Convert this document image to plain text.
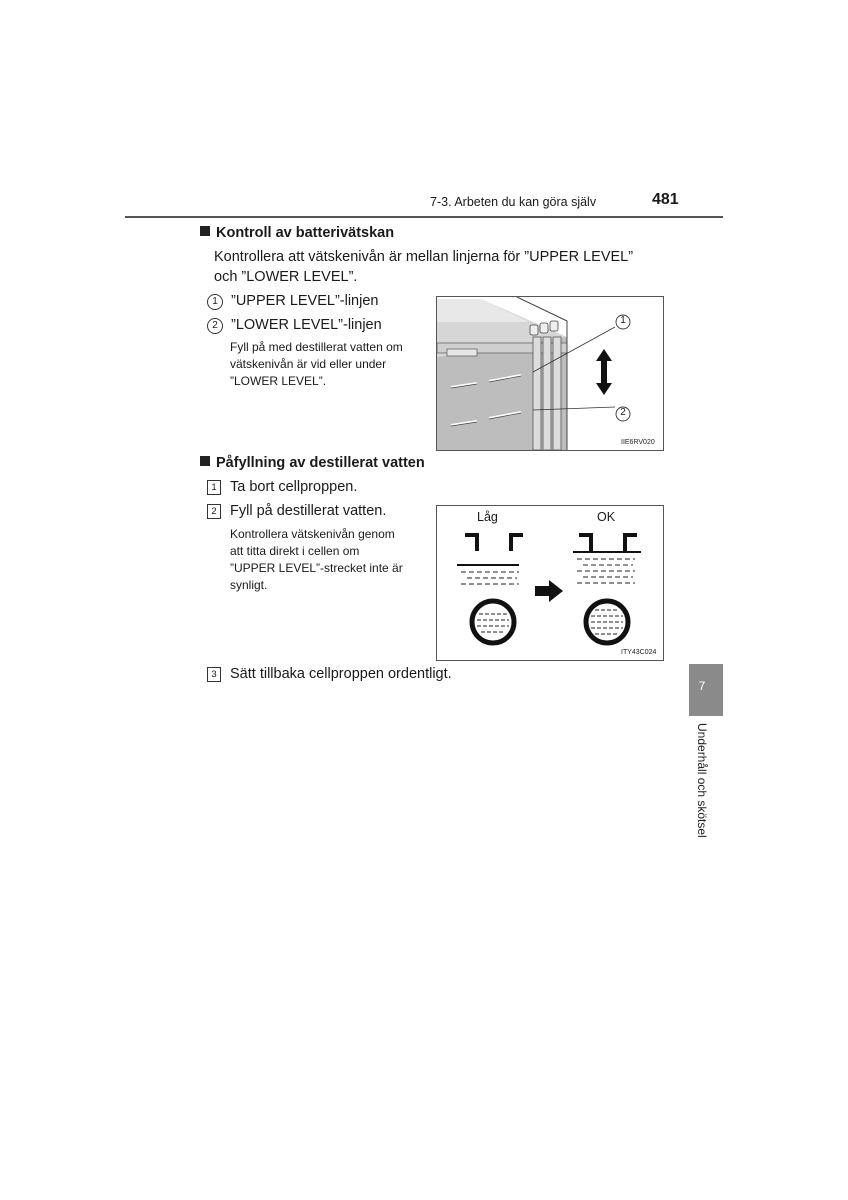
7-3. Arbeten du kan göra själv	481
Kontroll av batterivätskan
Kontrollera att vätskenivån är mellan linjerna för ”UPPER LEVEL”
och ”LOWER LEVEL”.
1 ”UPPER LEVEL”-linjen
2 ”LOWER LEVEL”-linjen
Fyll på med destillerat vatten om
vätskenivån är vid eller under
”LOWER LEVEL”.
1
2
IIE6RV020
Påfyllning av destillerat vatten
1 Ta bort cellproppen.
2 Fyll på destillerat vatten.
Kontrollera vätskenivån genom
att titta direkt i cellen om
”UPPER LEVEL”-strecket inte är
synligt.
3 Sätt tillbaka cellproppen ordentligt.
Låg	OK
ITY43C024
7
Underhåll och skötsel
